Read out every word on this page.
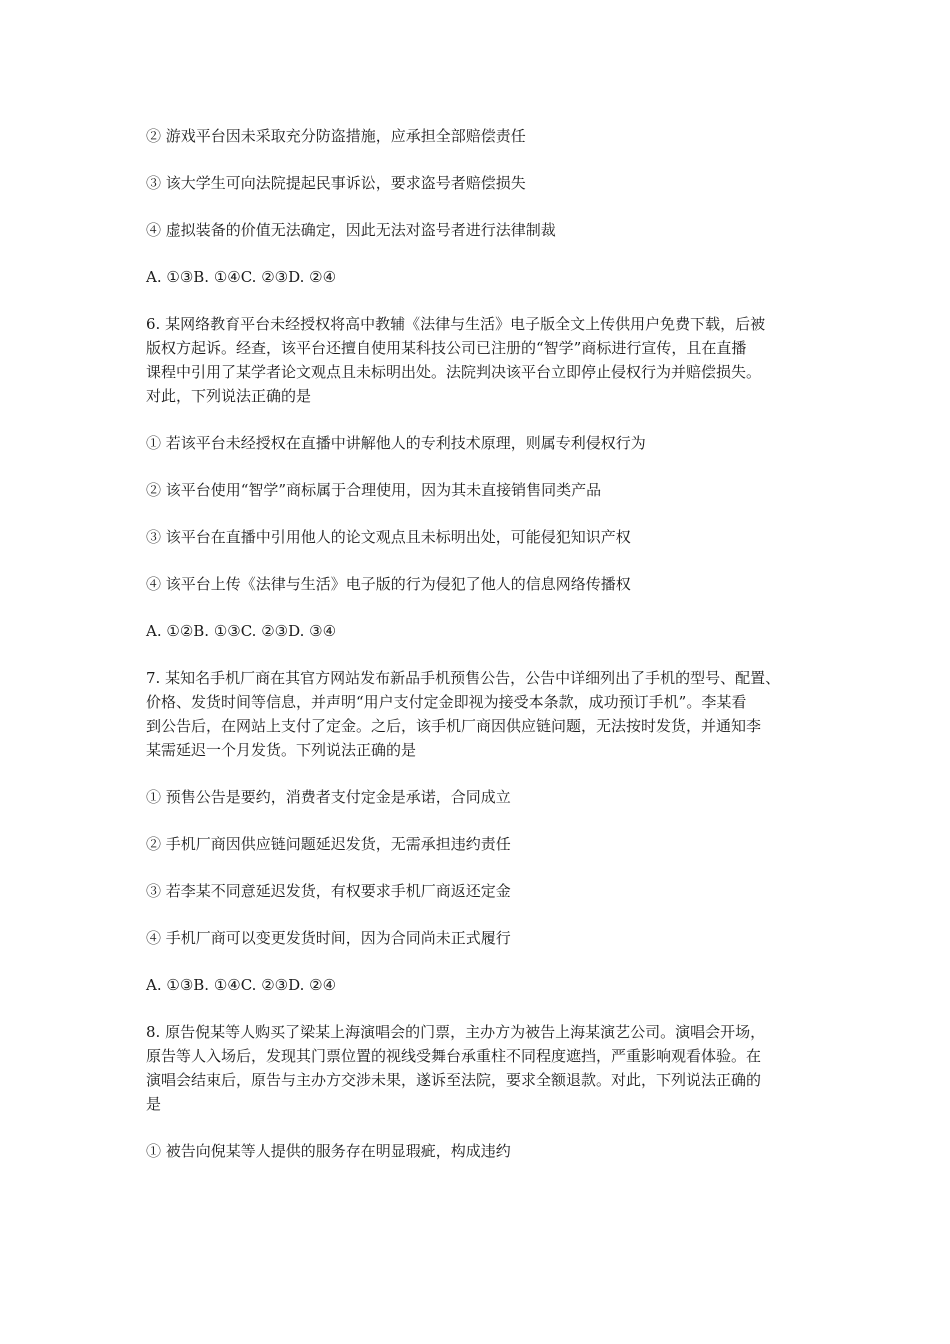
② 游戏平台因未采取充分防盗措施，应承担全部赔偿责任

③ 该大学生可向法院提起民事诉讼，要求盗号者赔偿损失

④ 虚拟装备的价值无法确定，因此无法对盗号者进行法律制裁

A. ①③B. ①④C. ②③D. ②④

6. 某网络教育平台未经授权将高中教辅《法律与生活》电子版全文上传供用户免费下载，后被

版权方起诉。经查，该平台还擅自使用某科技公司已注册的“智学”商标进行宣传，且在直播

课程中引用了某学者论文观点且未标明出处。法院判决该平台立即停止侵权行为并赔偿损失。

对此，下列说法正确的是

① 若该平台未经授权在直播中讲解他人的专利技术原理，则属专利侵权行为

② 该平台使用“智学”商标属于合理使用，因为其未直接销售同类产品

③ 该平台在直播中引用他人的论文观点且未标明出处，可能侵犯知识产权

④ 该平台上传《法律与生活》电子版的行为侵犯了他人的信息网络传播权

A. ①②B. ①③C. ②③D. ③④

7. 某知名手机厂商在其官方网站发布新品手机预售公告，公告中详细列出了手机的型号、配置、

价格、发货时间等信息，并声明“用户支付定金即视为接受本条款，成功预订手机”。李某看

到公告后，在网站上支付了定金。之后，该手机厂商因供应链问题，无法按时发货，并通知李

某需延迟一个月发货。下列说法正确的是

① 预售公告是要约，消费者支付定金是承诺，合同成立

② 手机厂商因供应链问题延迟发货，无需承担违约责任

③ 若李某不同意延迟发货，有权要求手机厂商返还定金

④ 手机厂商可以变更发货时间，因为合同尚未正式履行

A. ①③B. ①④C. ②③D. ②④

8. 原告倪某等人购买了梁某上海演唱会的门票，主办方为被告上海某演艺公司。演唱会开场，

原告等人入场后，发现其门票位置的视线受舞台承重柱不同程度遮挡，严重影响观看体验。在

演唱会结束后，原告与主办方交涉未果，遂诉至法院，要求全额退款。对此，下列说法正确的

是

① 被告向倪某等人提供的服务存在明显瑕疵，构成违约
